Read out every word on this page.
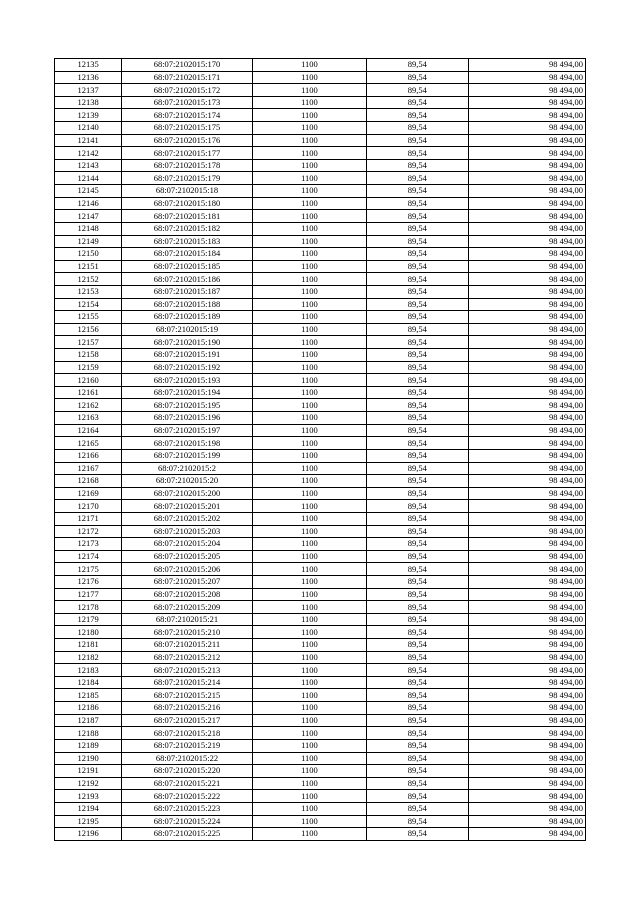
12135	68:07:2102015:170	1100	89,54	98 494,00
12136	68:07:2102015:171	1100	89,54	98 494,00
12137	68:07:2102015:172	1100	89,54	98 494,00
12138	68:07:2102015:173	1100	89,54	98 494,00
12139	68:07:2102015:174	1100	89,54	98 494,00
12140	68:07:2102015:175	1100	89,54	98 494,00
12141	68:07:2102015:176	1100	89,54	98 494,00
12142	68:07:2102015:177	1100	89,54	98 494,00
12143	68:07:2102015:178	1100	89,54	98 494,00
12144	68:07:2102015:179	1100	89,54	98 494,00
12145	68:07:2102015:18	1100	89,54	98 494,00
12146	68:07:2102015:180	1100	89,54	98 494,00
12147	68:07:2102015:181	1100	89,54	98 494,00
12148	68:07:2102015:182	1100	89,54	98 494,00
12149	68:07:2102015:183	1100	89,54	98 494,00
12150	68:07:2102015:184	1100	89,54	98 494,00
12151	68:07:2102015:185	1100	89,54	98 494,00
12152	68:07:2102015:186	1100	89,54	98 494,00
12153	68:07:2102015:187	1100	89,54	98 494,00
12154	68:07:2102015:188	1100	89,54	98 494,00
12155	68:07:2102015:189	1100	89,54	98 494,00
12156	68:07:2102015:19	1100	89,54	98 494,00
12157	68:07:2102015:190	1100	89,54	98 494,00
12158	68:07:2102015:191	1100	89,54	98 494,00
12159	68:07:2102015:192	1100	89,54	98 494,00
12160	68:07:2102015:193	1100	89,54	98 494,00
12161	68:07:2102015:194	1100	89,54	98 494,00
12162	68:07:2102015:195	1100	89,54	98 494,00
12163	68:07:2102015:196	1100	89,54	98 494,00
12164	68:07:2102015:197	1100	89,54	98 494,00
12165	68:07:2102015:198	1100	89,54	98 494,00
12166	68:07:2102015:199	1100	89,54	98 494,00
12167	68:07:2102015:2	1100	89,54	98 494,00
12168	68:07:2102015:20	1100	89,54	98 494,00
12169	68:07:2102015:200	1100	89,54	98 494,00
12170	68:07:2102015:201	1100	89,54	98 494,00
12171	68:07:2102015:202	1100	89,54	98 494,00
12172	68:07:2102015:203	1100	89,54	98 494,00
12173	68:07:2102015:204	1100	89,54	98 494,00
12174	68:07:2102015:205	1100	89,54	98 494,00
12175	68:07:2102015:206	1100	89,54	98 494,00
12176	68:07:2102015:207	1100	89,54	98 494,00
12177	68:07:2102015:208	1100	89,54	98 494,00
12178	68:07:2102015:209	1100	89,54	98 494,00
12179	68:07:2102015:21	1100	89,54	98 494,00
12180	68:07:2102015:210	1100	89,54	98 494,00
12181	68:07:2102015:211	1100	89,54	98 494,00
12182	68:07:2102015:212	1100	89,54	98 494,00
12183	68:07:2102015:213	1100	89,54	98 494,00
12184	68:07:2102015:214	1100	89,54	98 494,00
12185	68:07:2102015:215	1100	89,54	98 494,00
12186	68:07:2102015:216	1100	89,54	98 494,00
12187	68:07:2102015:217	1100	89,54	98 494,00
12188	68:07:2102015:218	1100	89,54	98 494,00
12189	68:07:2102015:219	1100	89,54	98 494,00
12190	68:07:2102015:22	1100	89,54	98 494,00
12191	68:07:2102015:220	1100	89,54	98 494,00
12192	68:07:2102015:221	1100	89,54	98 494,00
12193	68:07:2102015:222	1100	89,54	98 494,00
12194	68:07:2102015:223	1100	89,54	98 494,00
12195	68:07:2102015:224	1100	89,54	98 494,00
12196	68:07:2102015:225	1100	89,54	98 494,00
